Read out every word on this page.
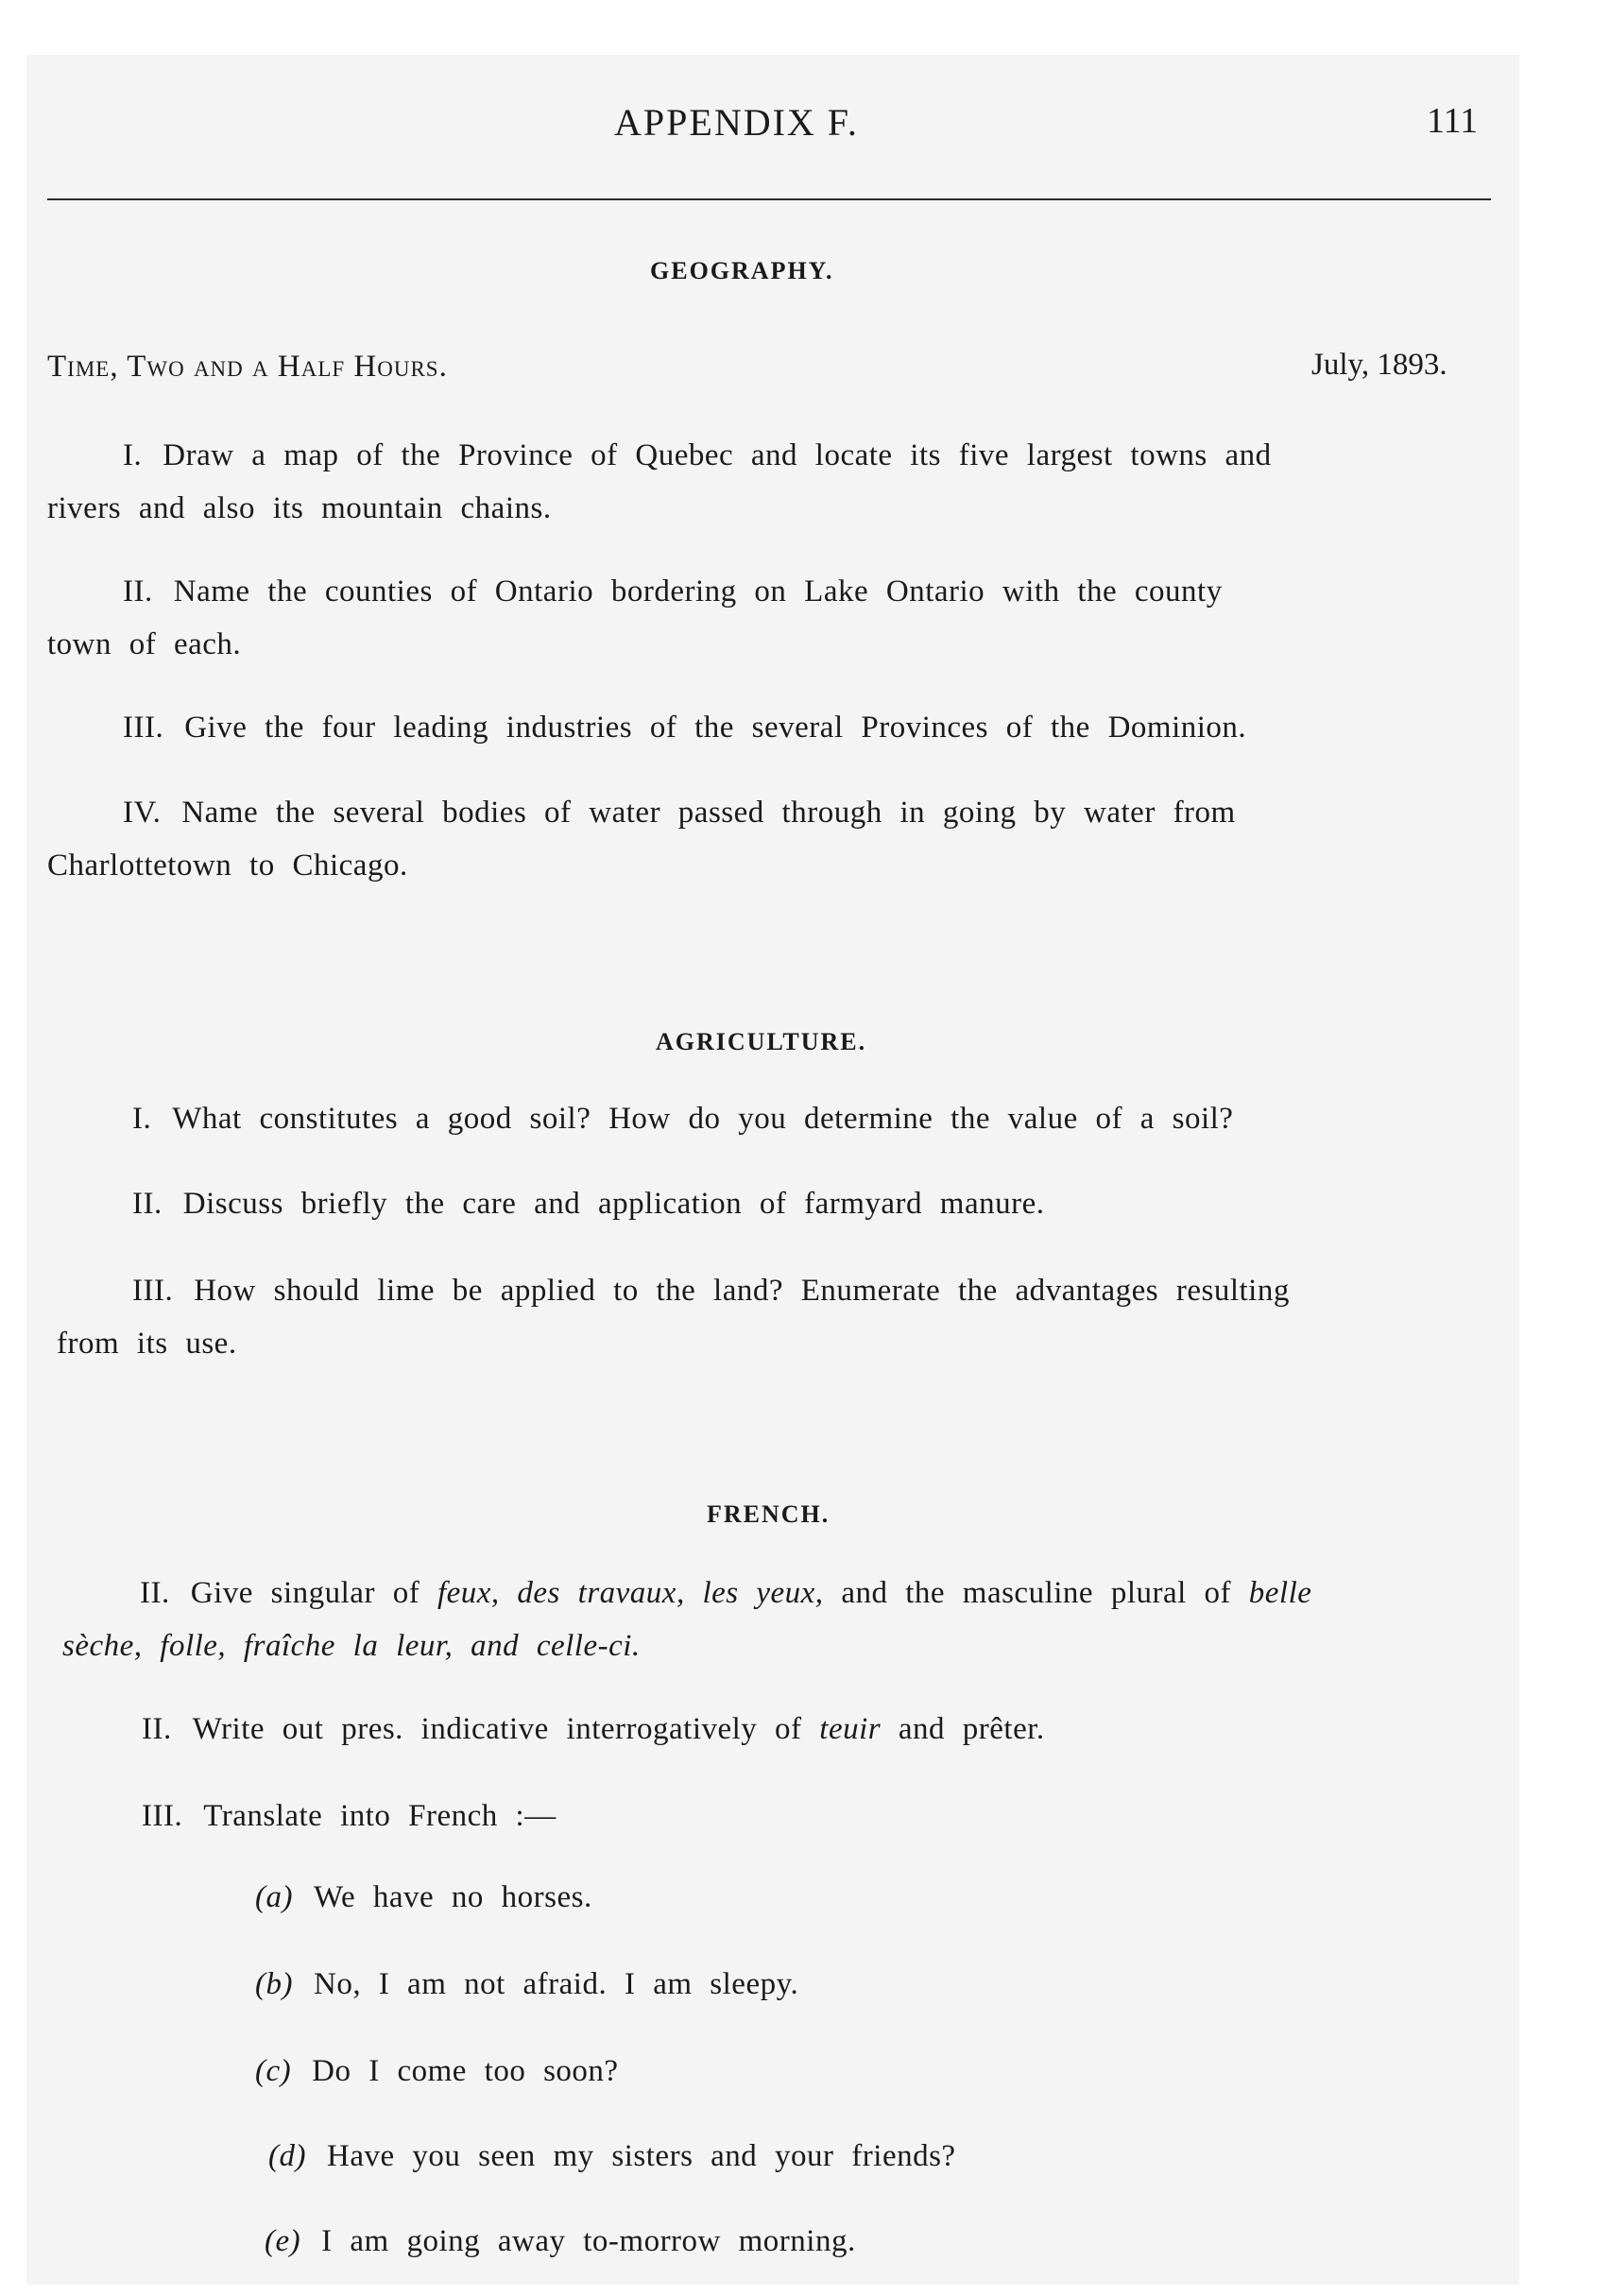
APPENDIX F.	111
GEOGRAPHY.
Time, Two and a Half Hours.	July, 1893.
I. Draw a map of the Province of Quebec and locate its five largest towns and
rivers and also its mountain chains.
II. Name the counties of Ontario bordering on Lake Ontario with the county
town of each.
III. Give the four leading industries of the several Provinces of the Dominion.
IV. Name the several bodies of water passed through in going by water from
Charlottetown to Chicago.
AGRICULTURE.
I. What constitutes a good soil? How do you determine the value of a soil?
II. Discuss briefly the care and application of farmyard manure.
III. How should lime be applied to the land? Enumerate the advantages resulting
from its use.
FRENCH.
II. Give singular of feux, des travaux, les yeux, and the masculine plural of belle
sèche, folle, fraîche la leur, and celle-ci.
II. Write out pres. indicative interrogatively of teuir and prêter.
III. Translate into French :—
(a) We have no horses.
(b) No, I am not afraid. I am sleepy.
(c) Do I come too soon?
(d) Have you seen my sisters and your friends?
(e) I am going away to-morrow morning.
